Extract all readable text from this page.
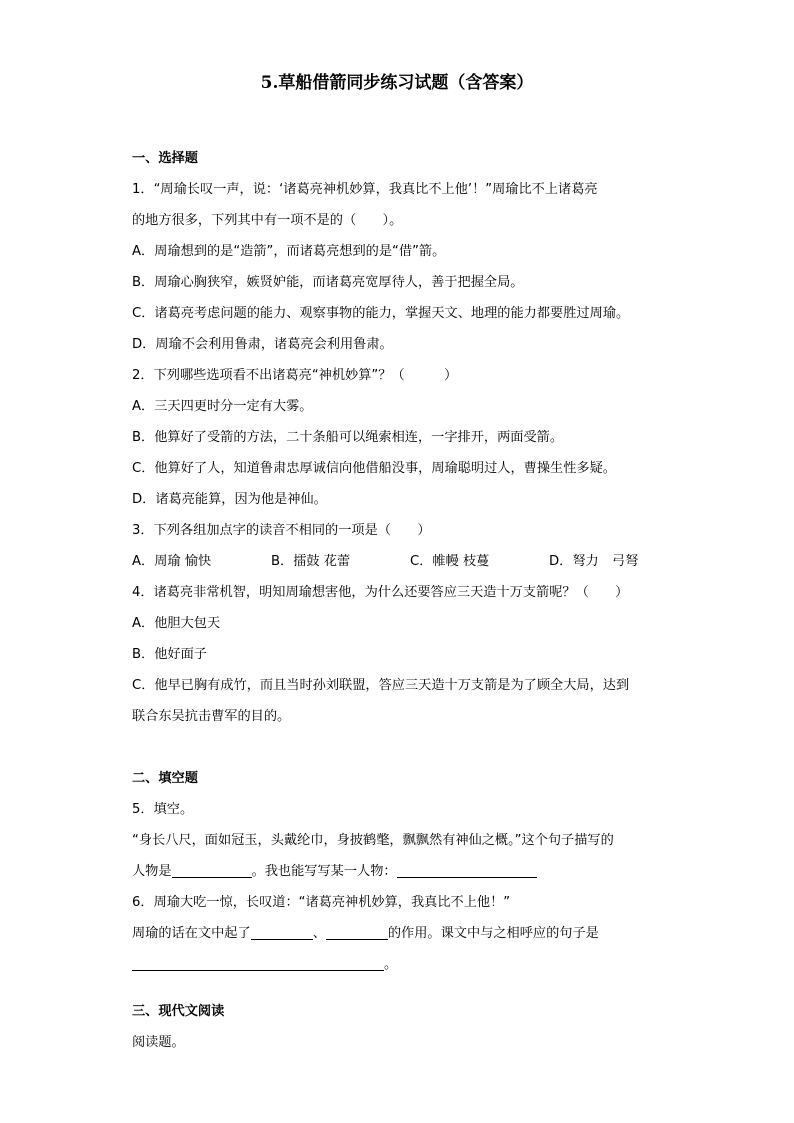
5.草船借箭同步练习试题（含答案）
一、选择题
1．“周瑜长叹一声，说：‘诸葛亮神机妙算，我真比不上他’！”周瑜比不上诸葛亮
的地方很多，下列其中有一项不是的（　　）。
A．周瑜想到的是“造箭”，而诸葛亮想到的是“借”箭。
B．周瑜心胸狭窄，嫉贤妒能，而诸葛亮宽厚待人，善于把握全局。
C．诸葛亮考虑问题的能力、观察事物的能力，掌握天文、地理的能力都要胜过周瑜。
D．周瑜不会利用鲁肃，诸葛亮会利用鲁肃。
2．下列哪些选项看不出诸葛亮“神机妙算”？（　　　）
A．三天四更时分一定有大雾。
B．他算好了受箭的方法，二十条船可以绳索相连，一字排开，两面受箭。
C．他算好了人，知道鲁肃忠厚诚信向他借船没事，周瑜聪明过人，曹操生性多疑。
D．诸葛亮能算，因为他是神仙。
3．下列各组加点字的读音不相同的一项是（　　）
A．周瑜 愉快	B．擂鼓 花蕾	C．帷幔 枝蔓	D．弩力　弓弩
4．诸葛亮非常机智，明知周瑜想害他，为什么还要答应三天造十万支箭呢？（　　）
A．他胆大包天
B．他好面子
C．他早已胸有成竹，而且当时孙刘联盟，答应三天造十万支箭是为了顾全大局，达到
联合东吴抗击曹军的目的。
二、填空题
5．填空。
“身长八尺，面如冠玉，头戴纶巾，身披鹤氅，飘飘然有神仙之概。”这个句子描写的
人物是	。我也能写写某一人物：
6．周瑜大吃一惊，长叹道：“诸葛亮神机妙算，我真比不上他！”
周瑜的话在文中起了	、	的作用。课文中与之相呼应的句子是
。
三、现代文阅读
阅读题。
